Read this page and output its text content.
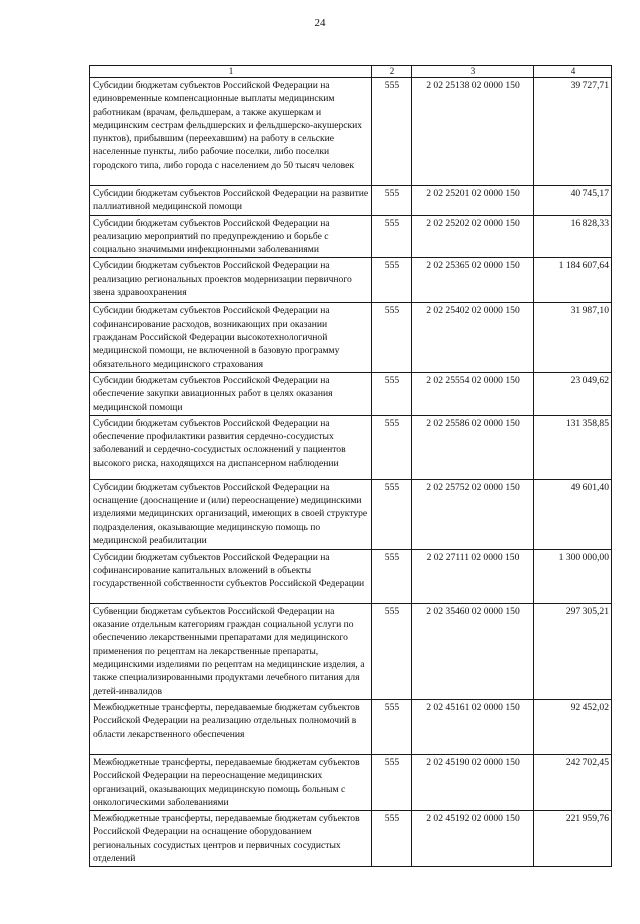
24
1	2	3	4
Субсидии бюджетам субъектов Российской Федерации на единовременные компенсационные выплаты медицинским работникам (врачам, фельдшерам, а также акушеркам и медицинским сестрам фельдшерских и фельдшерско-акушерских пунктов), прибывшим (переехавшим) на работу в сельские населенные пункты, либо рабочие поселки, либо поселки городского типа, либо города с населением до 50 тысяч человек	555	2 02 25138 02 0000 150	39 727,71
Субсидии бюджетам субъектов Российской Федерации на развитие паллиативной медицинской помощи	555	2 02 25201 02 0000 150	40 745,17
Субсидии бюджетам субъектов Российской Федерации на реализацию мероприятий по предупреждению и борьбе с социально значимыми инфекционными заболеваниями	555	2 02 25202 02 0000 150	16 828,33
Субсидии бюджетам субъектов Российской Федерации на реализацию региональных проектов модернизации первичного звена здравоохранения	555	2 02 25365 02 0000 150	1 184 607,64
Субсидии бюджетам субъектов Российской Федерации на софинансирование расходов, возникающих при оказании гражданам Российской Федерации высокотехнологичной медицинской помощи, не включенной в базовую программу обязательного медицинского страхования	555	2 02 25402 02 0000 150	31 987,10
Субсидии бюджетам субъектов Российской Федерации на обеспечение закупки авиационных работ в целях оказания медицинской помощи	555	2 02 25554 02 0000 150	23 049,62
Субсидии бюджетам субъектов Российской Федерации на обеспечение профилактики развития сердечно-сосудистых заболеваний и сердечно-сосудистых осложнений у пациентов высокого риска, находящихся на диспансерном наблюдении	555	2 02 25586 02 0000 150	131 358,85
Субсидии бюджетам субъектов Российской Федерации на оснащение (дооснащение и (или) переоснащение) медицинскими изделиями медицинских организаций, имеющих в своей структуре подразделения, оказывающие медицинскую помощь по медицинской реабилитации	555	2 02 25752 02 0000 150	49 601,40
Субсидии бюджетам субъектов Российской Федерации на софинансирование капитальных вложений в объекты государственной собственности субъектов Российской Федерации	555	2 02 27111 02 0000 150	1 300 000,00
Субвенции бюджетам субъектов Российской Федерации на оказание отдельным категориям граждан социальной услуги по обеспечению лекарственными препаратами для медицинского применения по рецептам на лекарственные препараты, медицинскими изделиями по рецептам на медицинские изделия, а также специализированными продуктами лечебного питания для детей-инвалидов	555	2 02 35460 02 0000 150	297 305,21
Межбюджетные трансферты, передаваемые бюджетам субъектов Российской Федерации на реализацию отдельных полномочий в области лекарственного обеспечения	555	2 02 45161 02 0000 150	92 452,02
Межбюджетные трансферты, передаваемые бюджетам субъектов Российской Федерации на переоснащение медицинских организаций, оказывающих медицинскую помощь больным с онкологическими заболеваниями	555	2 02 45190 02 0000 150	242 702,45
Межбюджетные трансферты, передаваемые бюджетам субъектов Российской Федерации на оснащение оборудованием региональных сосудистых центров и первичных сосудистых отделений	555	2 02 45192 02 0000 150	221 959,76
